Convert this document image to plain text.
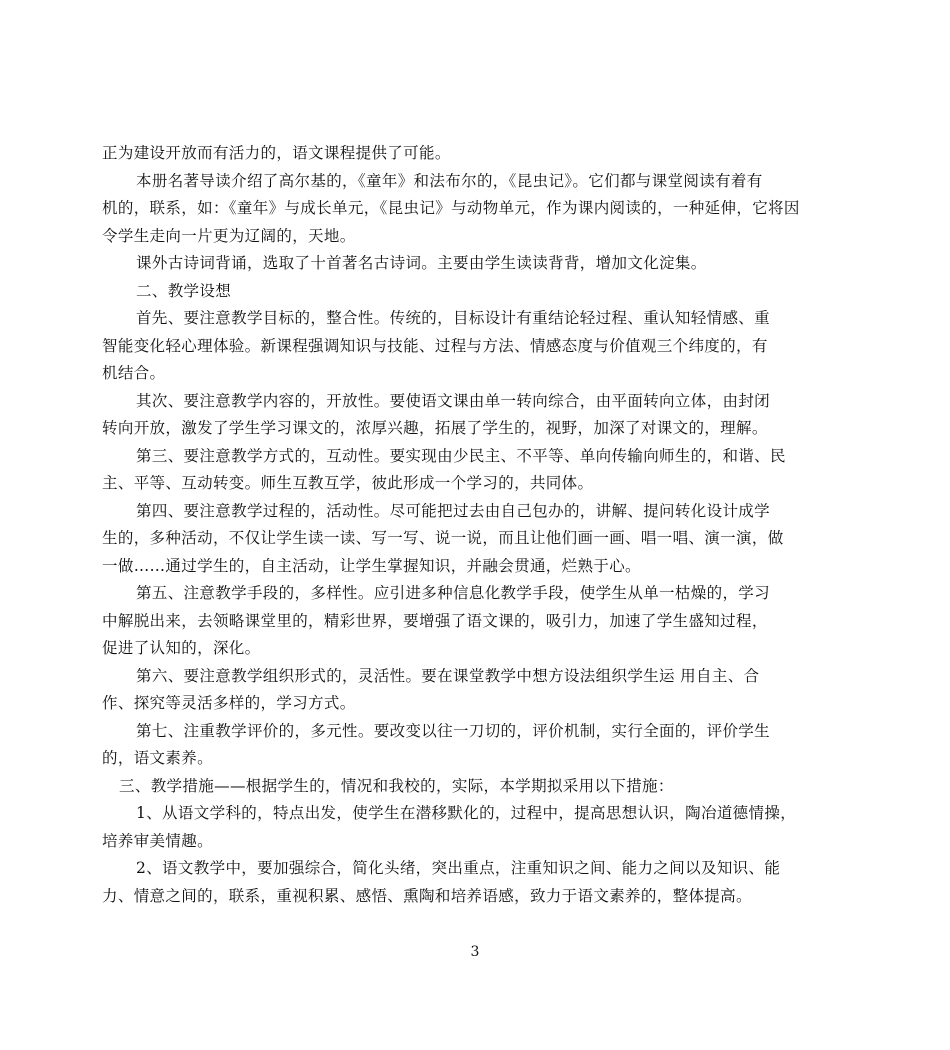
正为建设开放而有活力的，语文课程提供了可能。
本册名著导读介绍了高尔基的，《童年》和法布尔的，《昆虫记》。它们都与课堂阅读有着有
机的，联系，如：《童年》与成长单元，《昆虫记》与动物单元，作为课内阅读的，一种延伸，它将因
令学生走向一片更为辽阔的，天地。
课外古诗词背诵，选取了十首著名古诗词。主要由学生读读背背，增加文化淀集。
二、教学设想
首先、要注意教学目标的，整合性。传统的，目标设计有重结论轻过程、重认知轻情感、重
智能变化轻心理体验。新课程强调知识与技能、过程与方法、情感态度与价值观三个纬度的，有
机结合。
其次、要注意教学内容的，开放性。要使语文课由单一转向综合，由平面转向立体，由封闭
转向开放，激发了学生学习课文的，浓厚兴趣，拓展了学生的，视野，加深了对课文的，理解。
第三、要注意教学方式的，互动性。要实现由少民主、不平等、单向传输向师生的，和谐、民
主、平等、互动转变。师生互教互学，彼此形成一个学习的，共同体。
第四、要注意教学过程的，活动性。尽可能把过去由自己包办的，讲解、提问转化设计成学
生的，多种活动，不仅让学生读一读、写一写、说一说，而且让他们画一画、唱一唱、演一演，做
一做……通过学生的，自主活动，让学生掌握知识，并融会贯通，烂熟于心。
第五、注意教学手段的，多样性。应引进多种信息化教学手段，使学生从单一枯燥的，学习
中解脱出来，去领略课堂里的，精彩世界，要增强了语文课的，吸引力，加速了学生盛知过程，
促进了认知的，深化。
第六、要注意教学组织形式的，灵活性。要在课堂教学中想方设法组织学生运 用自主、合
作、探究等灵活多样的，学习方式。
第七、注重教学评价的，多元性。要改变以往一刀切的，评价机制，实行全面的，评价学生
的，语文素养。
三、教学措施——根据学生的，情况和我校的，实际，本学期拟采用以下措施：
1、从语文学科的，特点出发，使学生在潜移默化的，过程中，提高思想认识，陶冶道德情操，
培养审美情趣。
2、语文教学中，要加强综合，简化头绪，突出重点，注重知识之间、能力之间以及知识、能
力、情意之间的，联系，重视积累、感悟、熏陶和培养语感，致力于语文素养的，整体提高。
3
